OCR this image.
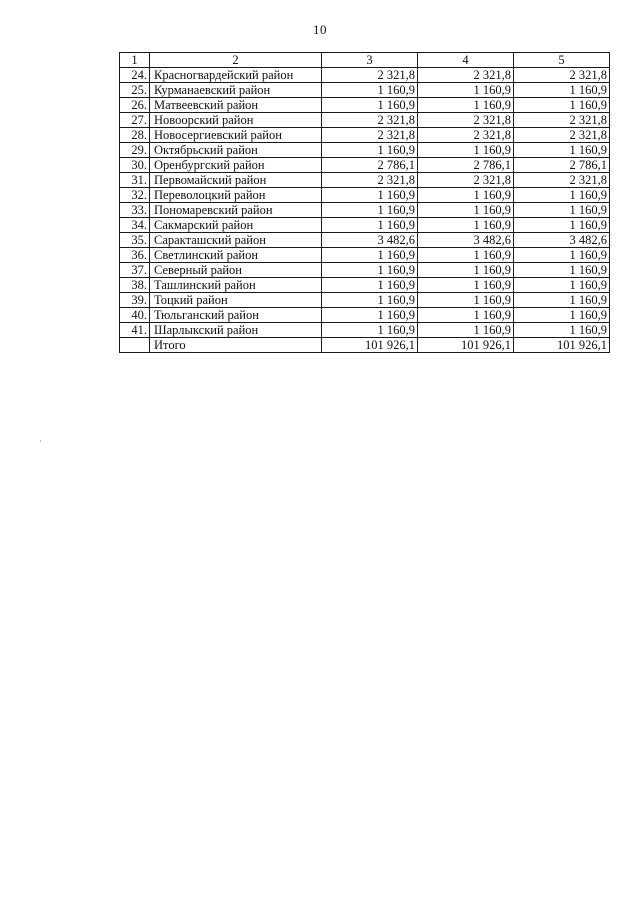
10
1	2	3	4	5
24.	Красногвардейский район	2 321,8	2 321,8	2 321,8
25.	Курманаевский район	1 160,9	1 160,9	1 160,9
26.	Матвеевский район	1 160,9	1 160,9	1 160,9
27.	Новоорский район	2 321,8	2 321,8	2 321,8
28.	Новосергиевский район	2 321,8	2 321,8	2 321,8
29.	Октябрьский район	1 160,9	1 160,9	1 160,9
30.	Оренбургский район	2 786,1	2 786,1	2 786,1
31.	Первомайский район	2 321,8	2 321,8	2 321,8
32.	Переволоцкий район	1 160,9	1 160,9	1 160,9
33.	Пономаревский район	1 160,9	1 160,9	1 160,9
34.	Сакмарский район	1 160,9	1 160,9	1 160,9
35.	Саракташский район	3 482,6	3 482,6	3 482,6
36.	Светлинский район	1 160,9	1 160,9	1 160,9
37.	Северный район	1 160,9	1 160,9	1 160,9
38.	Ташлинский район	1 160,9	1 160,9	1 160,9
39.	Тоцкий район	1 160,9	1 160,9	1 160,9
40.	Тюльганский район	1 160,9	1 160,9	1 160,9
41.	Шарлыкский район	1 160,9	1 160,9	1 160,9
	Итого	101 926,1	101 926,1	101 926,1
